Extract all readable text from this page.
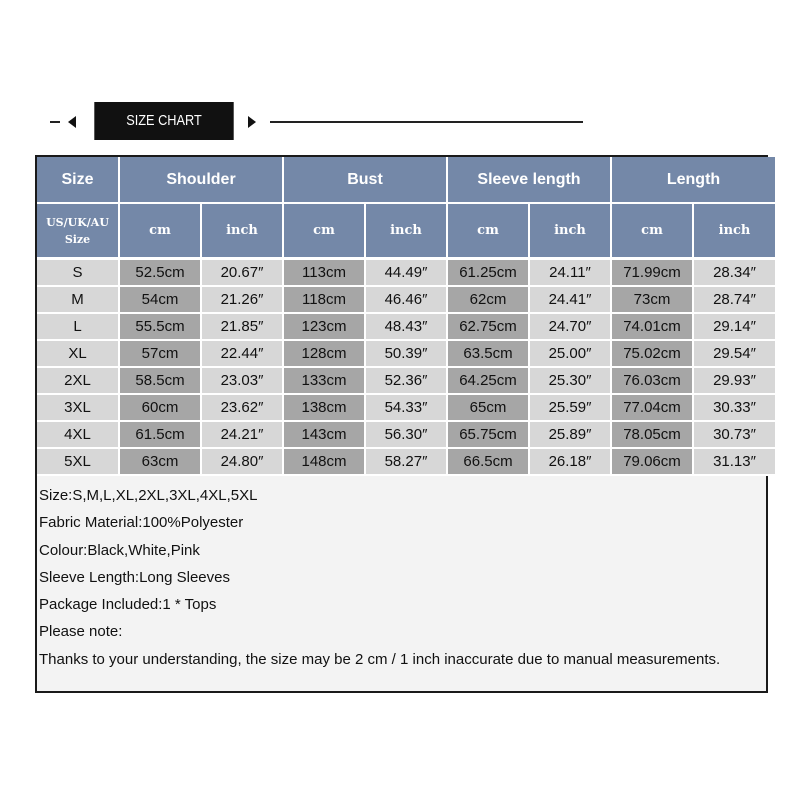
SIZE CHART
Size	Shoulder		Bust		Sleeve length		Length	
US/UK/AU Size	cm	inch	cm	inch	cm	inch	cm	inch
S	52.5cm	20.67″	113cm	44.49″	61.25cm	24.11″	71.99cm	28.34″
M	54cm	21.26″	118cm	46.46″	62cm	24.41″	73cm	28.74″
L	55.5cm	21.85″	123cm	48.43″	62.75cm	24.70″	74.01cm	29.14″
XL	57cm	22.44″	128cm	50.39″	63.5cm	25.00″	75.02cm	29.54″
2XL	58.5cm	23.03″	133cm	52.36″	64.25cm	25.30″	76.03cm	29.93″
3XL	60cm	23.62″	138cm	54.33″	65cm	25.59″	77.04cm	30.33″
4XL	61.5cm	24.21″	143cm	56.30″	65.75cm	25.89″	78.05cm	30.73″
5XL	63cm	24.80″	148cm	58.27″	66.5cm	26.18″	79.06cm	31.13″
Size:S,M,L,XL,2XL,3XL,4XL,5XL
Fabric Material:100%Polyester
Colour:Black,White,Pink
Sleeve Length:Long Sleeves
Package Included:1 * Tops
Please note:
Thanks to your understanding, the size may be 2 cm / 1 inch inaccurate due to manual measurements.
